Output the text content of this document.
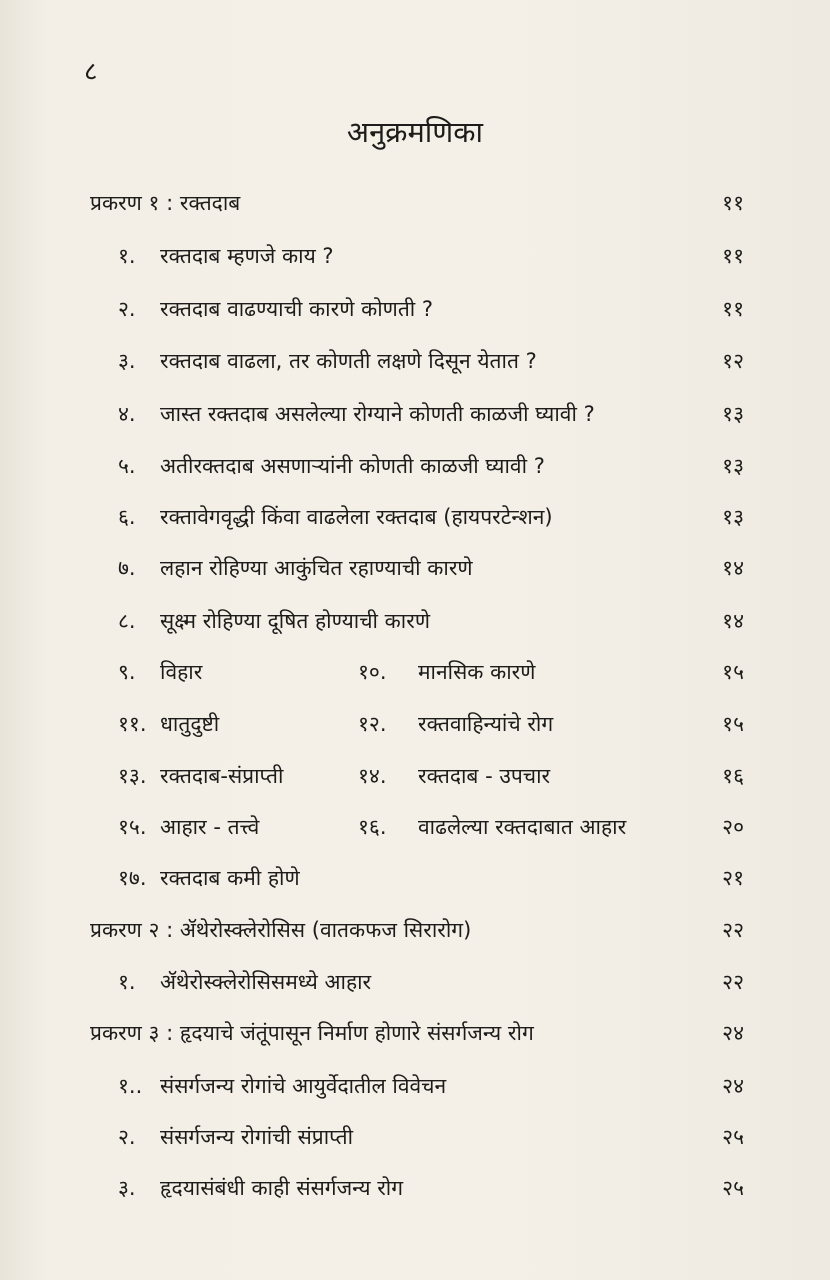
८
अनुक्रमणिका
प्रकरण १ : रक्तदाब	११
१. रक्तदाब म्हणजे काय ?	११
२. रक्तदाब वाढण्याची कारणे कोणती ?	११
३. रक्तदाब वाढला, तर कोणती लक्षणे दिसून येतात ?	१२
४. जास्त रक्तदाब असलेल्या रोग्याने कोणती काळजी घ्यावी ?	१३
५. अतीरक्तदाब असणाऱ्यांनी कोणती काळजी घ्यावी ?	१३
६. रक्तावेगवृद्धी किंवा वाढलेला रक्तदाब (हायपरटेन्शन)	१३
७. लहान रोहिण्या आकुंचित रहाण्याची कारणे	१४
८. सूक्ष्म रोहिण्या दूषित होण्याची कारणे	१४
९. विहार	१०. मानसिक कारणे	१५
११. धातुदुष्टी	१२. रक्तवाहिन्यांचे रोग	१५
१३. रक्तदाब-संप्राप्ती	१४. रक्तदाब - उपचार	१६
१५. आहार - तत्त्वे	१६. वाढलेल्या रक्तदाबात आहार	२०
१७. रक्तदाब कमी होणे	२१
प्रकरण २ : ॲथेरोस्क्लेरोसिस (वातकफज सिरारोग)	२२
१. ॲथेरोस्क्लेरोसिसमध्ये आहार	२२
प्रकरण ३ : हृदयाचे जंतूंपासून निर्माण होणारे संसर्गजन्य रोग	२४
१.. संसर्गजन्य रोगांचे आयुर्वेदातील विवेचन	२४
२. संसर्गजन्य रोगांची संप्राप्ती	२५
३. हृदयासंबंधी काही संसर्गजन्य रोग	२५
